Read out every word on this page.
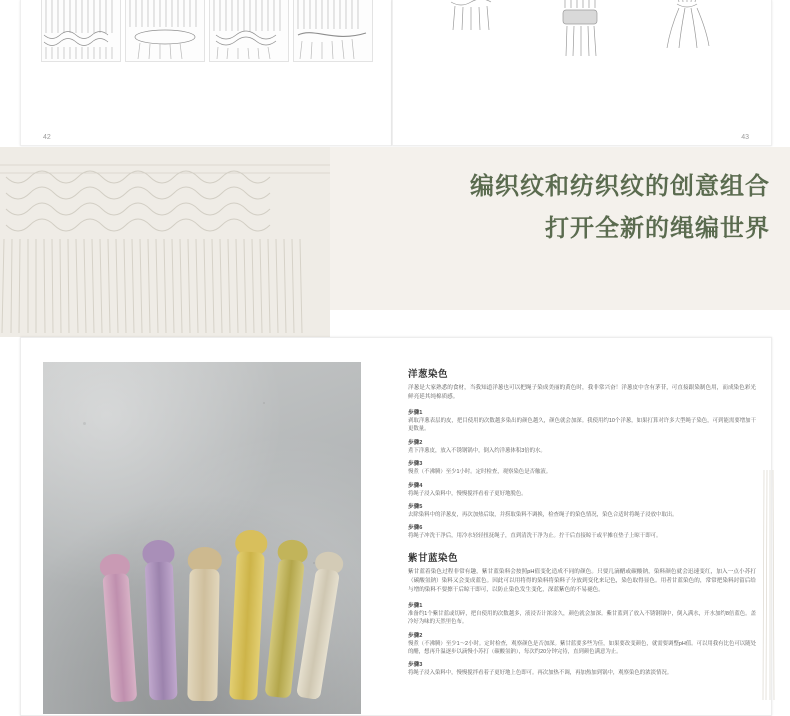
42	43
编织纹和纺织纹的创意组合
打开全新的绳编世界
洋葱染色

洋葱是大家熟悉的食材，当我知道洋葱也可以把绳子染成美丽的黄色时，我非常兴奋！洋葱皮中含有茅苷，可直接跟染制色用，而成染色彩光鲜亮延其纯棉质感。

步骤1

剥取洋葱表层的皮，把目使用的次数越多染出的颜色越久，颜色就会加深。我使用约10个洋葱，如果打算对许多大型绳子染色，可到能需要增加干更数量。

步骤2

煮下洋葱皮，放入不锈钢锅中，倒入约洋葱体积3倍的水。

步骤3

慢煮（不沸腾）至少1小时。定时检查，观察染色是否触液。

步骤4

将绳子浸入染料中，慢慢搅拌看看子更好地脱色。

步骤5

去除染料中的洋葱皮，再次加热后取，并捞取染料不调换，检查绳子的染色情况，染色合适时将绳子浸放中取出。

步骤6

将绳子冲洗干净后，用冷水轻轻扭抚绳子，直到清洗干净为止。拧干后直接晾干或平摊在垫子上晾干即可。

紫甘蓝染色

紫甘蓝着染色过程非常有趣，紫甘蓝染料会按照pH值变化造成不同的颜色。只要几滴醋或碳酸钠，染料颜色就会迅速变红，加入一点小苏打（碳酸氢钠）染料又会变成蓝色。因此可以用将得的染料将染料子分放到变化来记色，染色取得显色。用者甘蓝染色的，常常把染料封留后给与增的染料不要擦干后晾干即可，以防止染色发生变化，深蓝紫色的不易褪色。

步骤1

准备约1个紫甘蓝或切碎，把自使用的次数越多，液浸否计浓涂久，颜色就会加深。紫甘蓝到了放入不锈钢锅中，倒入满水，开水加约8倍蓝色。盖冷好为味的天然里色布。

步骤2

慢煮（不沸腾）至少1～2小时。定时检查，观察颜色是否加深。紫甘蓝要多些为佳，如果要改变颜色，就需要调整pH值。可以用我有比色可以随处的醋，想再升温逐步以滴慢小苏打（碳酸氢钠），每次约20分钟完待，直到颜色满意为止。

步骤3

将绳子浸入染料中，慢慢搅拌看着子更好地上色即可。再次加热不调，再加热加到锅中，观察染色的浓淡情况。
